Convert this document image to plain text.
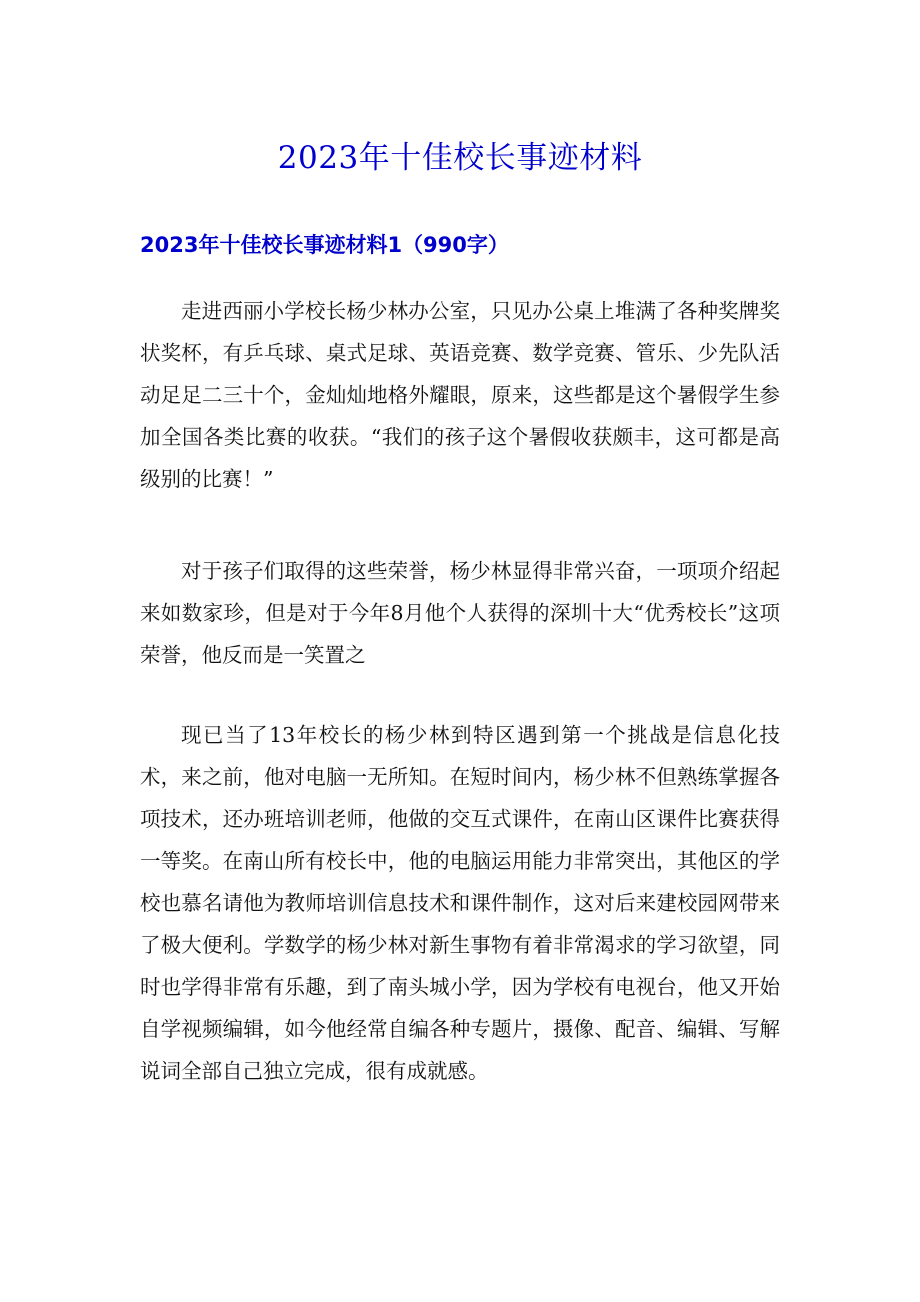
2023年十佳校长事迹材料
2023年十佳校长事迹材料1（990字）

走进西丽小学校长杨少林办公室，只见办公桌上堆满了各种奖牌奖状奖杯，有乒乓球、桌式足球、英语竞赛、数学竞赛、管乐、少先队活动足足二三十个，金灿灿地格外耀眼，原来，这些都是这个暑假学生参加全国各类比赛的收获。“我们的孩子这个暑假收获颇丰，这可都是高级别的比赛！”

对于孩子们取得的这些荣誉，杨少林显得非常兴奋，一项项介绍起来如数家珍，但是对于今年8月他个人获得的深圳十大“优秀校长”这项荣誉，他反而是一笑置之

现已当了13年校长的杨少林到特区遇到第一个挑战是信息化技术，来之前，他对电脑一无所知。在短时间内，杨少林不但熟练掌握各项技术，还办班培训老师，他做的交互式课件，在南山区课件比赛获得一等奖。在南山所有校长中，他的电脑运用能力非常突出，其他区的学校也慕名请他为教师培训信息技术和课件制作，这对后来建校园网带来了极大便利。学数学的杨少林对新生事物有着非常渴求的学习欲望，同时也学得非常有乐趣，到了南头城小学，因为学校有电视台，他又开始自学视频编辑，如今他经常自编各种专题片，摄像、配音、编辑、写解说词全部自己独立完成，很有成就感。
